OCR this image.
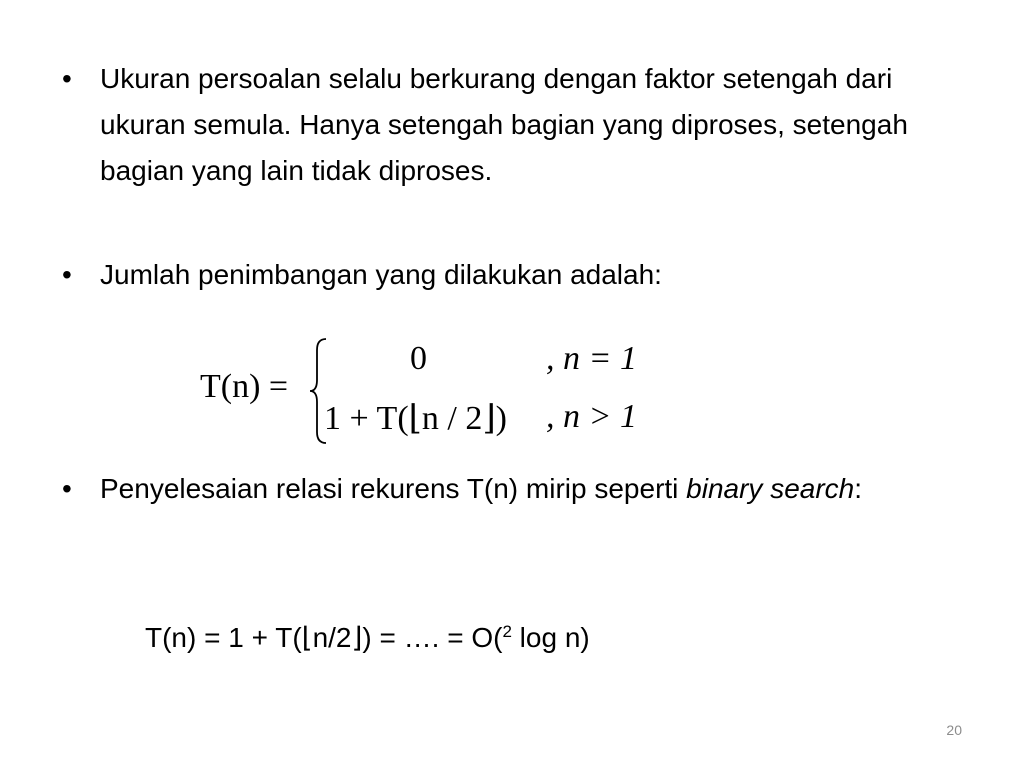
•	Ukuran persoalan selalu berkurang dengan faktor setengah dari ukuran semula. Hanya setengah bagian yang diproses, setengah bagian yang lain tidak diproses.
•	Jumlah penimbangan yang dilakukan adalah:
T(n) =
0	, n = 1
1 + T(⌊n / 2⌋) , n > 1
•	Penyelesaian relasi rekurens T(n) mirip seperti binary search:
T(n) = 1 + T(⌊n/2⌋) = …. = O($^2$ log n)
20
